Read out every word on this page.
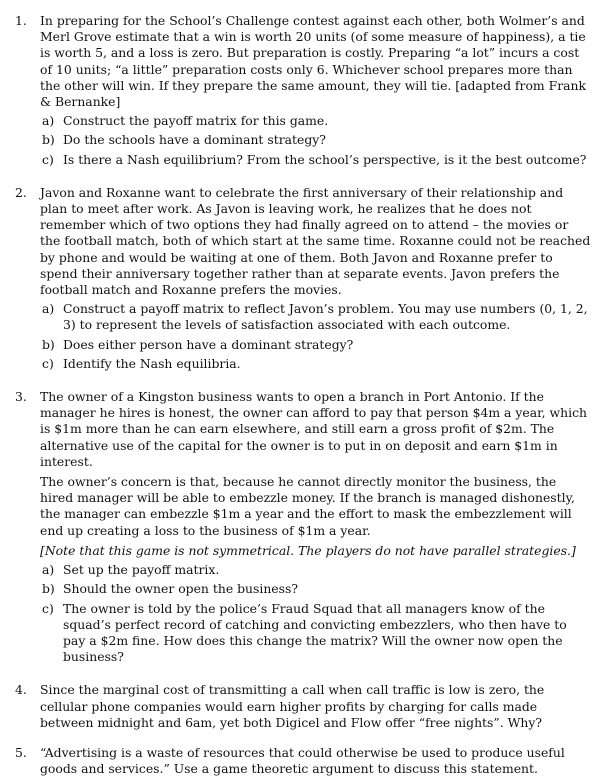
1. In preparing for the School’s Challenge contest against each other, both Wolmer’s and Merl Grove estimate that a win is worth 20 units (of some measure of happiness), a tie is worth 5, and a loss is zero. But preparation is costly. Preparing “a lot” incurs a cost of 10 units; “a little” preparation costs only 6. Whichever school prepares more than the other will win. If they prepare the same amount, they will tie. [adapted from Frank & Bernanke]

a) Construct the payoff matrix for this game.
b) Do the schools have a dominant strategy?
c) Is there a Nash equilibrium? From the school’s perspective, is it the best outcome?
2. Javon and Roxanne want to celebrate the first anniversary of their relationship and plan to meet after work. As Javon is leaving work, he realizes that he does not remember which of two options they had finally agreed on to attend – the movies or the football match, both of which start at the same time. Roxanne could not be reached by phone and would be waiting at one of them. Both Javon and Roxanne prefer to spend their anniversary together rather than at separate events. Javon prefers the football match and Roxanne prefers the movies.

a) Construct a payoff matrix to reflect Javon’s problem. You may use numbers (0, 1, 2, 3) to represent the levels of satisfaction associated with each outcome.
b) Does either person have a dominant strategy?
c) Identify the Nash equilibria.
3. The owner of a Kingston business wants to open a branch in Port Antonio. If the manager he hires is honest, the owner can afford to pay that person $4m a year, which is $1m more than he can earn elsewhere, and still earn a gross profit of $2m. The alternative use of the capital for the owner is to put in on deposit and earn $1m in interest.

The owner’s concern is that, because he cannot directly monitor the business, the hired manager will be able to embezzle money. If the branch is managed dishonestly, the manager can embezzle $1m a year and the effort to mask the embezzlement will end up creating a loss to the business of $1m a year.

[Note that this game is not symmetrical. The players do not have parallel strategies.]

a) Set up the payoff matrix.
b) Should the owner open the business?
c) The owner is told by the police’s Fraud Squad that all managers know of the squad’s perfect record of catching and convicting embezzlers, who then have to pay a $2m fine. How does this change the matrix? Will the owner now open the business?
4. Since the marginal cost of transmitting a call when call traffic is low is zero, the cellular phone companies would earn higher profits by charging for calls made between midnight and 6am, yet both Digicel and Flow offer “free nights”. Why?

5. “Advertising is a waste of resources that could otherwise be used to produce useful goods and services.” Use a game theoretic argument to discuss this statement.
